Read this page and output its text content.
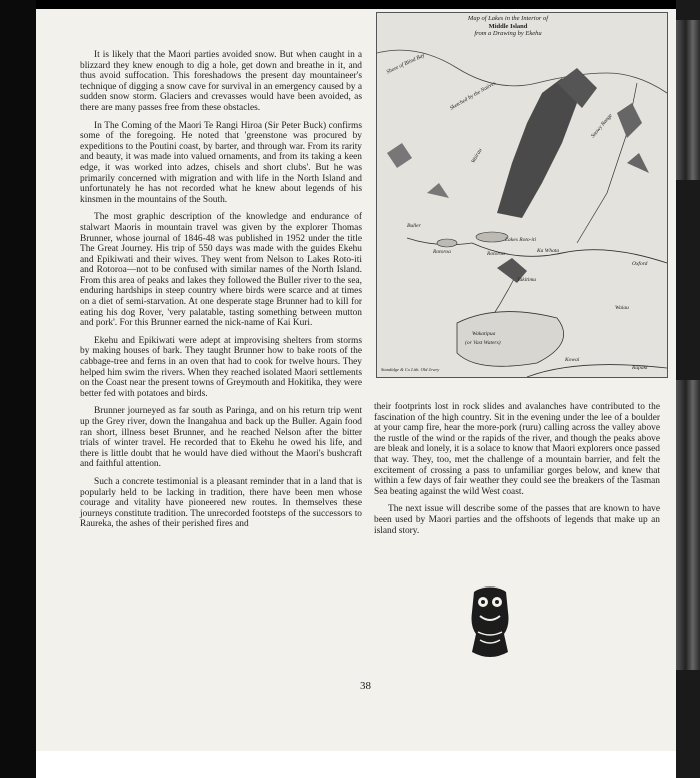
Map of Lakes in the Interior of
Middle Island
from a Drawing by Ekehu
Shore of Blind Bay
Sketched by the Natives
Snowy Range
Wairau
Buller
Lakes Roto-iti
Rotoroa	Rotoroa	Ka Whata
Takitimu
Waiau
Oxford
Wakatipua
(or Vast Waters)
Kowai
Rapaki
Standidge & Co Lith. Old Jewry

It is likely that the Maori parties avoided snow. But when caught in a blizzard they knew enough to dig a hole, get down and breathe in it, and thus avoid suffocation. This foreshadows the present day mountaineer's technique of digging a snow cave for survival in an emergency caused by a sudden snow storm. Glaciers and crevasses would have been avoided, as there are many passes free from these obstacles.

In The Coming of the Maori Te Rangi Hiroa (Sir Peter Buck) confirms some of the foregoing. He noted that 'greenstone was procured by expeditions to the Poutini coast, by barter, and through war. From its rarity and beauty, it was made into valued ornaments, and from its taking a keen edge, it was worked into adzes, chisels and short clubs'. But he was primarily concerned with migration and with life in the North Island and unfortunately he has not recorded what he knew about legends of his kinsmen in the mountains of the South.

The most graphic description of the knowledge and endurance of stalwart Maoris in mountain travel was given by the explorer Thomas Brunner, whose journal of 1846-48 was published in 1952 under the title The Great Journey. His trip of 550 days was made with the guides Ekehu and Epikiwati and their wives. They went from Nelson to Lakes Roto-iti and Rotoroa—not to be confused with similar names of the North Island. From this area of peaks and lakes they followed the Buller river to the sea, enduring hardships in steep country where birds were scarce and at times on a diet of semi-starvation. At one desperate stage Brunner had to kill for eating his dog Rover, 'very palatable, tasting something between mutton and pork'. For this Brunner earned the nick-name of Kai Kuri.

Ekehu and Epikiwati were adept at improvising shelters from storms by making houses of bark. They taught Brunner how to bake roots of the cabbage-tree and ferns in an oven that had to cook for twelve hours. They helped him swim the rivers. When they reached isolated Maori settlements on the Coast near the present towns of Greymouth and Hokitika, they were better fed with potatoes and birds.

Brunner journeyed as far south as Paringa, and on his return trip went up the Grey river, down the Inangahua and back up the Buller. Again food ran short, illness beset Brunner, and he reached Nelson after the bitter trials of winter travel. He recorded that to Ekehu he owed his life, and there is little doubt that he would have died without the Maori's bushcraft and faithful attention.

Such a concrete testimonial is a pleasant reminder that in a land that is popularly held to be lacking in tradition, there have been men whose courage and vitality have pioneered new routes. In themselves these journeys constitute tradition. The unrecorded footsteps of the successors to Raureka, the ashes of their perished fires and

their footprints lost in rock slides and avalanches have contributed to the fascination of the high country. Sit in the evening under the lee of a boulder at your camp fire, hear the more-pork (ruru) calling across the valley above the rustle of the wind or the rapids of the river, and though the peaks above are bleak and lonely, it is a solace to know that Maori explorers once passed that way. They, too, met the challenge of a mountain barrier, and felt the excitement of crossing a pass to unfamiliar gorges below, and knew that within a few days of fair weather they could see the breakers of the Tasman Sea beating against the wild West coast.

The next issue will describe some of the passes that are known to have been used by Maori parties and the offshoots of legends that make up an island story.

38
